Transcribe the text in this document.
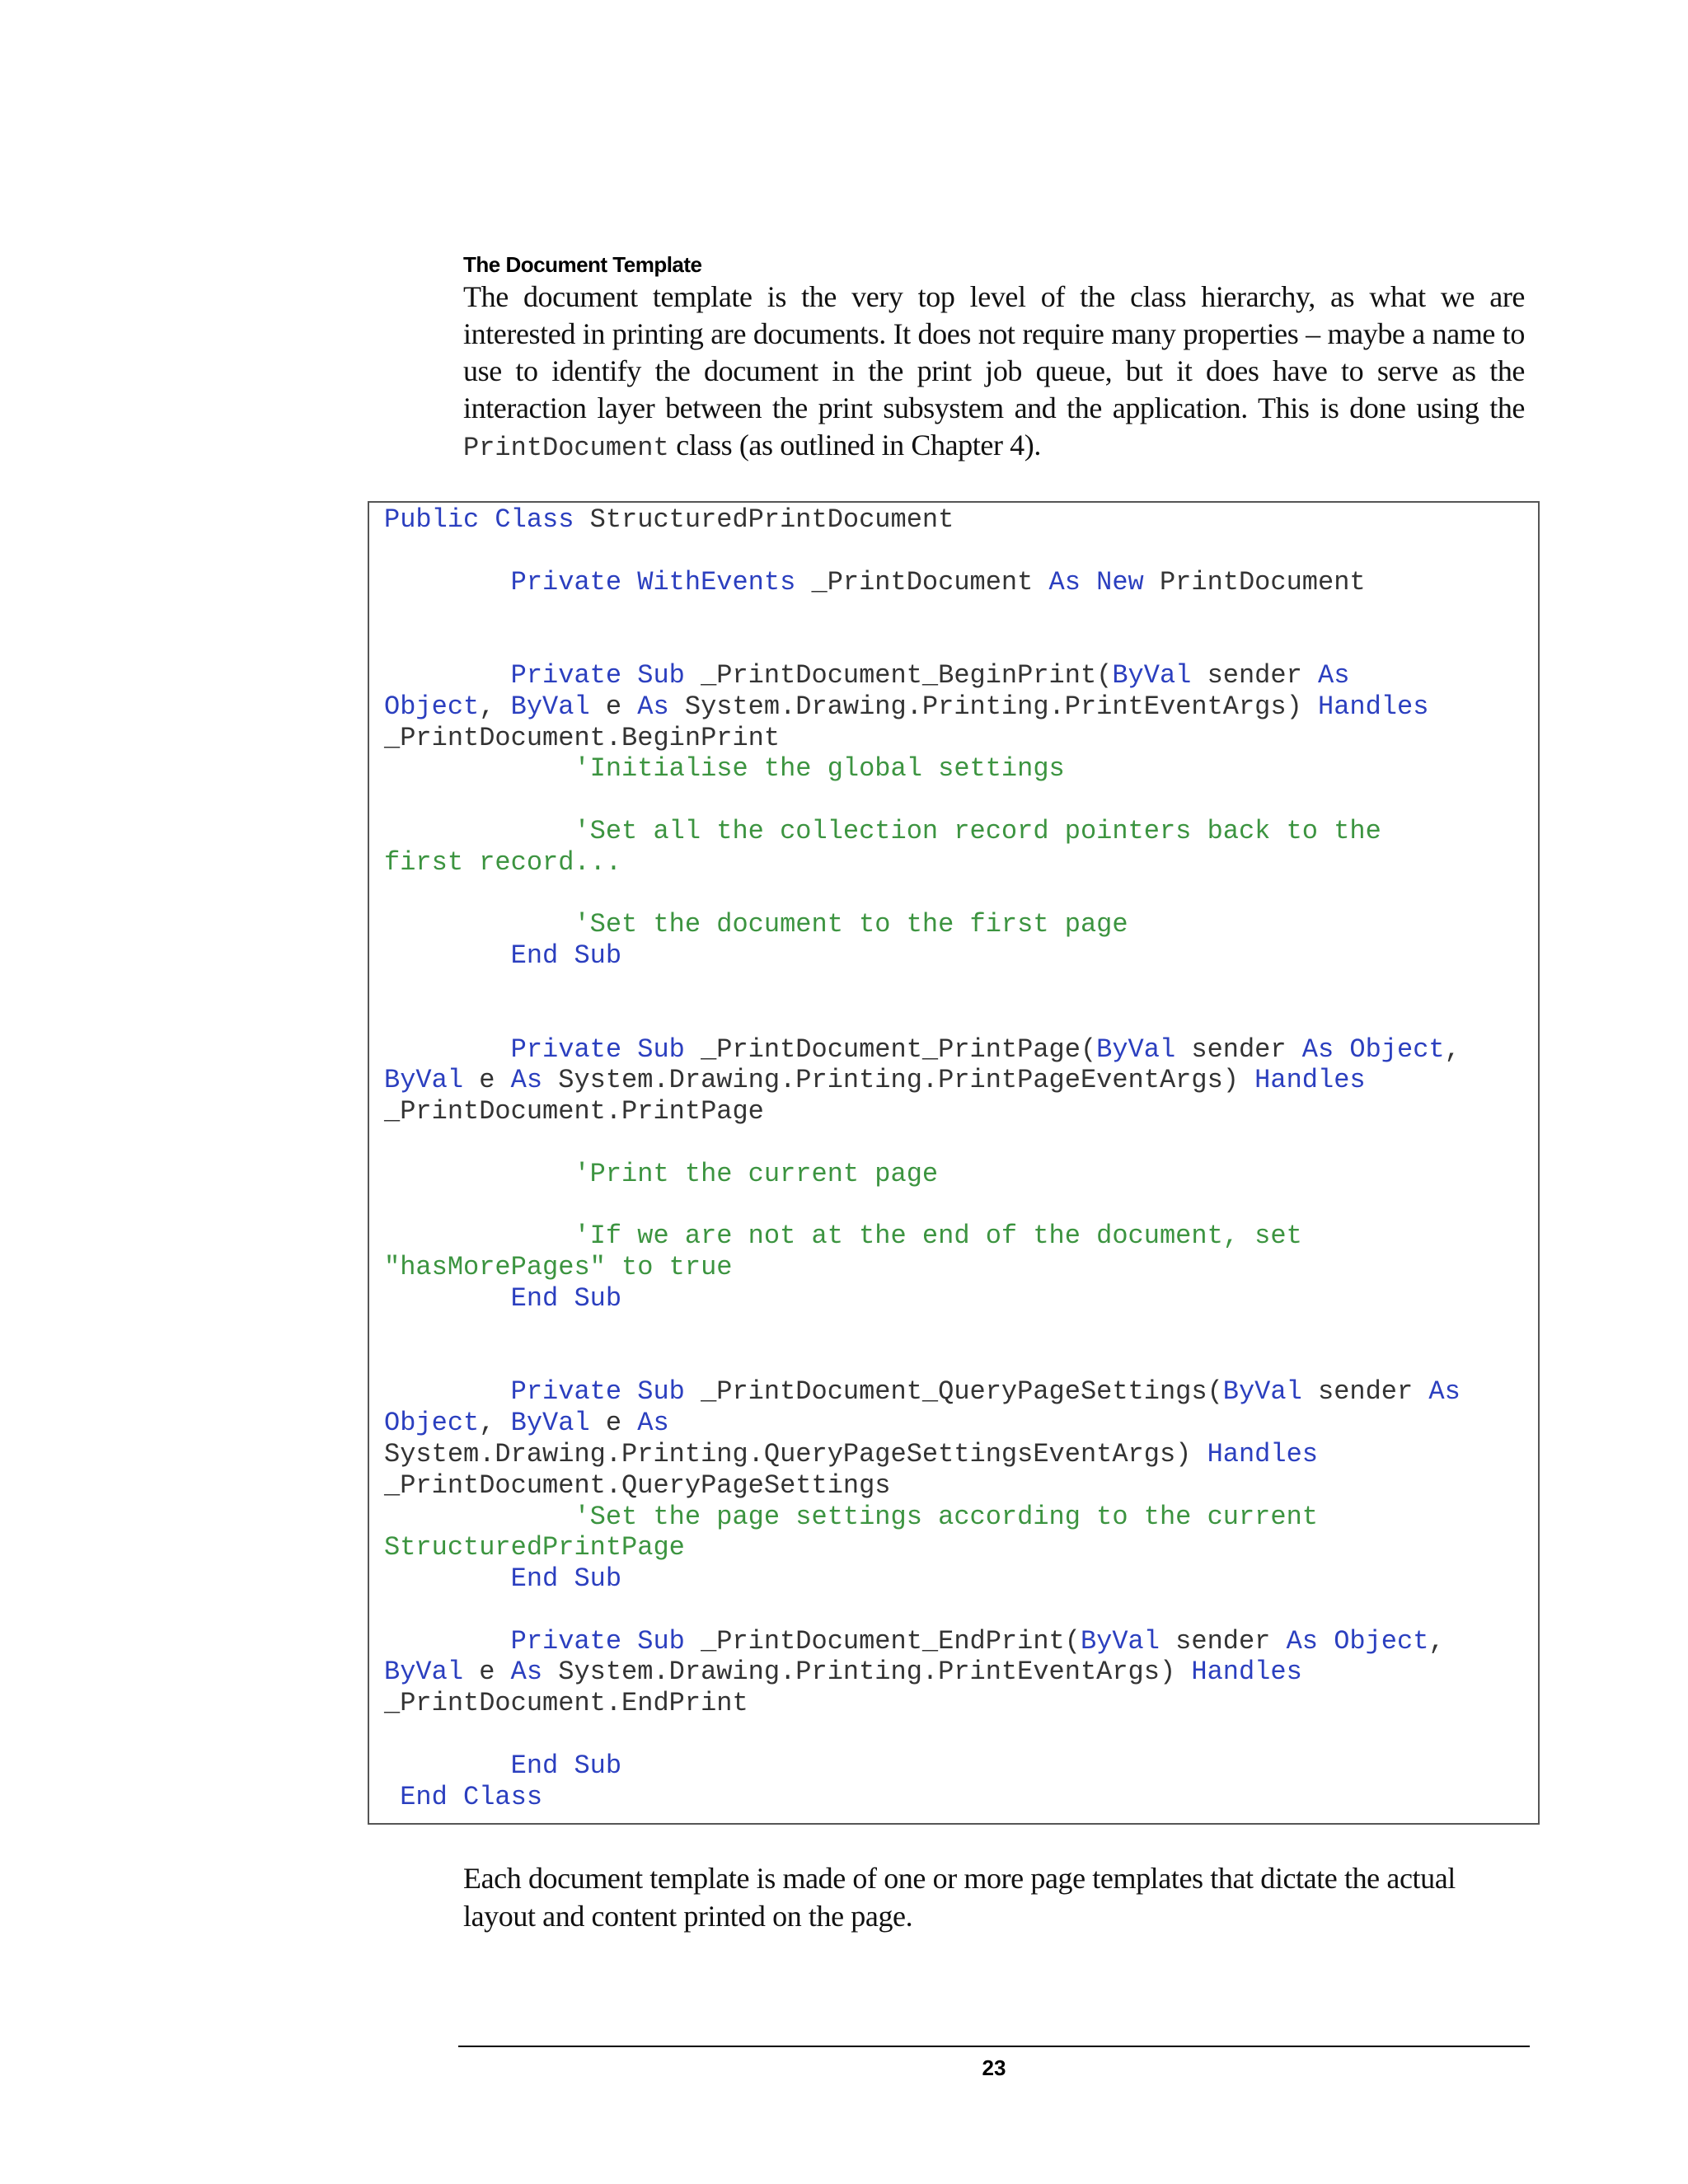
The Document Template

The document template is the very top level of the class hierarchy, as what we are interested in printing are documents. It does not require many properties – maybe a name to use to identify the document in the print job queue, but it does have to serve as the interaction layer between the print subsystem and the application. This is done using the PrintDocument class (as outlined in Chapter 4).

Public Class StructuredPrintDocument
Private WithEvents _PrintDocument As New PrintDocument
Private Sub _PrintDocument_BeginPrint(ByVal sender As
Object, ByVal e As System.Drawing.Printing.PrintEventArgs) Handles
_PrintDocument.BeginPrint
'Initialise the global settings
'Set all the collection record pointers back to the
first record...
'Set the document to the first page
End Sub
Private Sub _PrintDocument_PrintPage(ByVal sender As Object,
ByVal e As System.Drawing.Printing.PrintPageEventArgs) Handles
_PrintDocument.PrintPage
'Print the current page
'If we are not at the end of the document, set
"hasMorePages" to true
End Sub
Private Sub _PrintDocument_QueryPageSettings(ByVal sender As
Object, ByVal e As
System.Drawing.Printing.QueryPageSettingsEventArgs) Handles
_PrintDocument.QueryPageSettings
'Set the page settings according to the current
StructuredPrintPage
End Sub
Private Sub _PrintDocument_EndPrint(ByVal sender As Object,
ByVal e As System.Drawing.Printing.PrintEventArgs) Handles
_PrintDocument.EndPrint
End Sub
End Class

Each document template is made of one or more page templates that dictate the actual layout and content printed on the page.

23
